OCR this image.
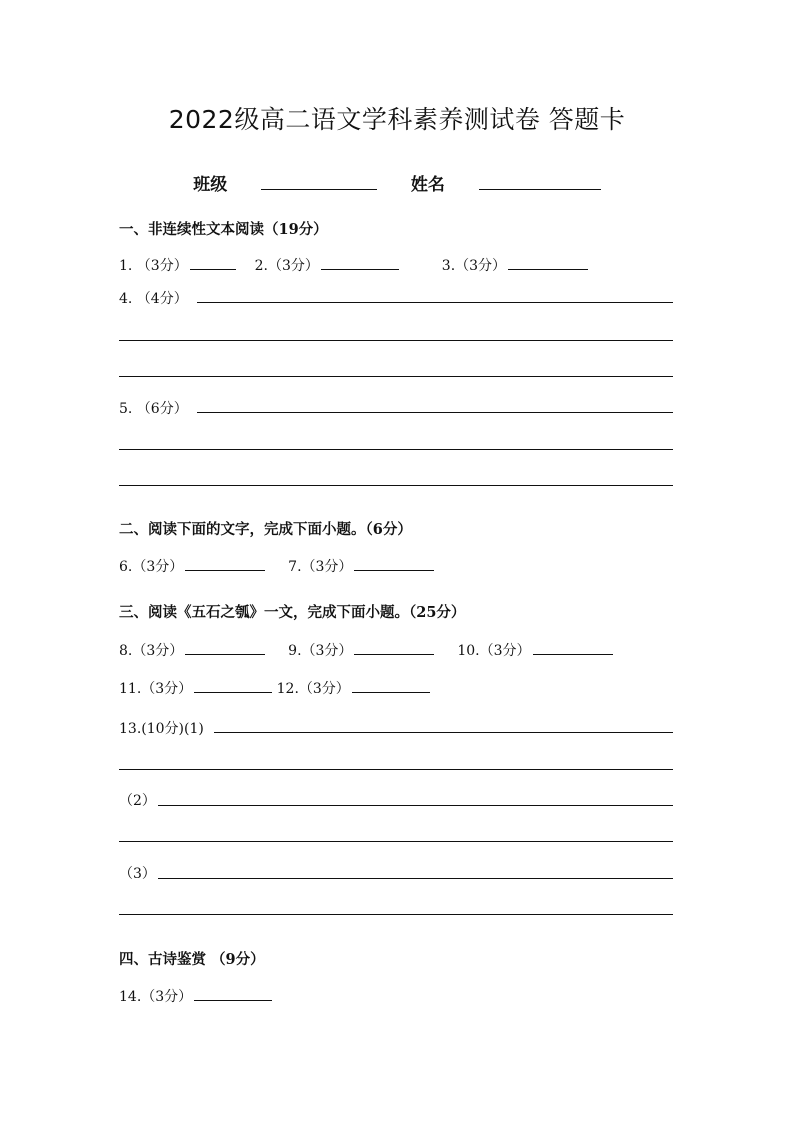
2022级高二语文学科素养测试卷 答题卡
班级	姓名
一、非连续性文本阅读（19分）
1. （3分）	2.（3分）	3.（3分）
4. （4分）
5. （6分）
二、阅读下面的文字，完成下面小题。（6分）
6.（3分）	7.（3分）
三、阅读《五石之瓠》一文，完成下面小题。（25分）
8.（3分）	9.（3分）	10.（3分）
11.（3分）	12.（3分）
13.(10分)(1)
（2）
（3）
四、古诗鉴赏 （9分）
14.（3分）
